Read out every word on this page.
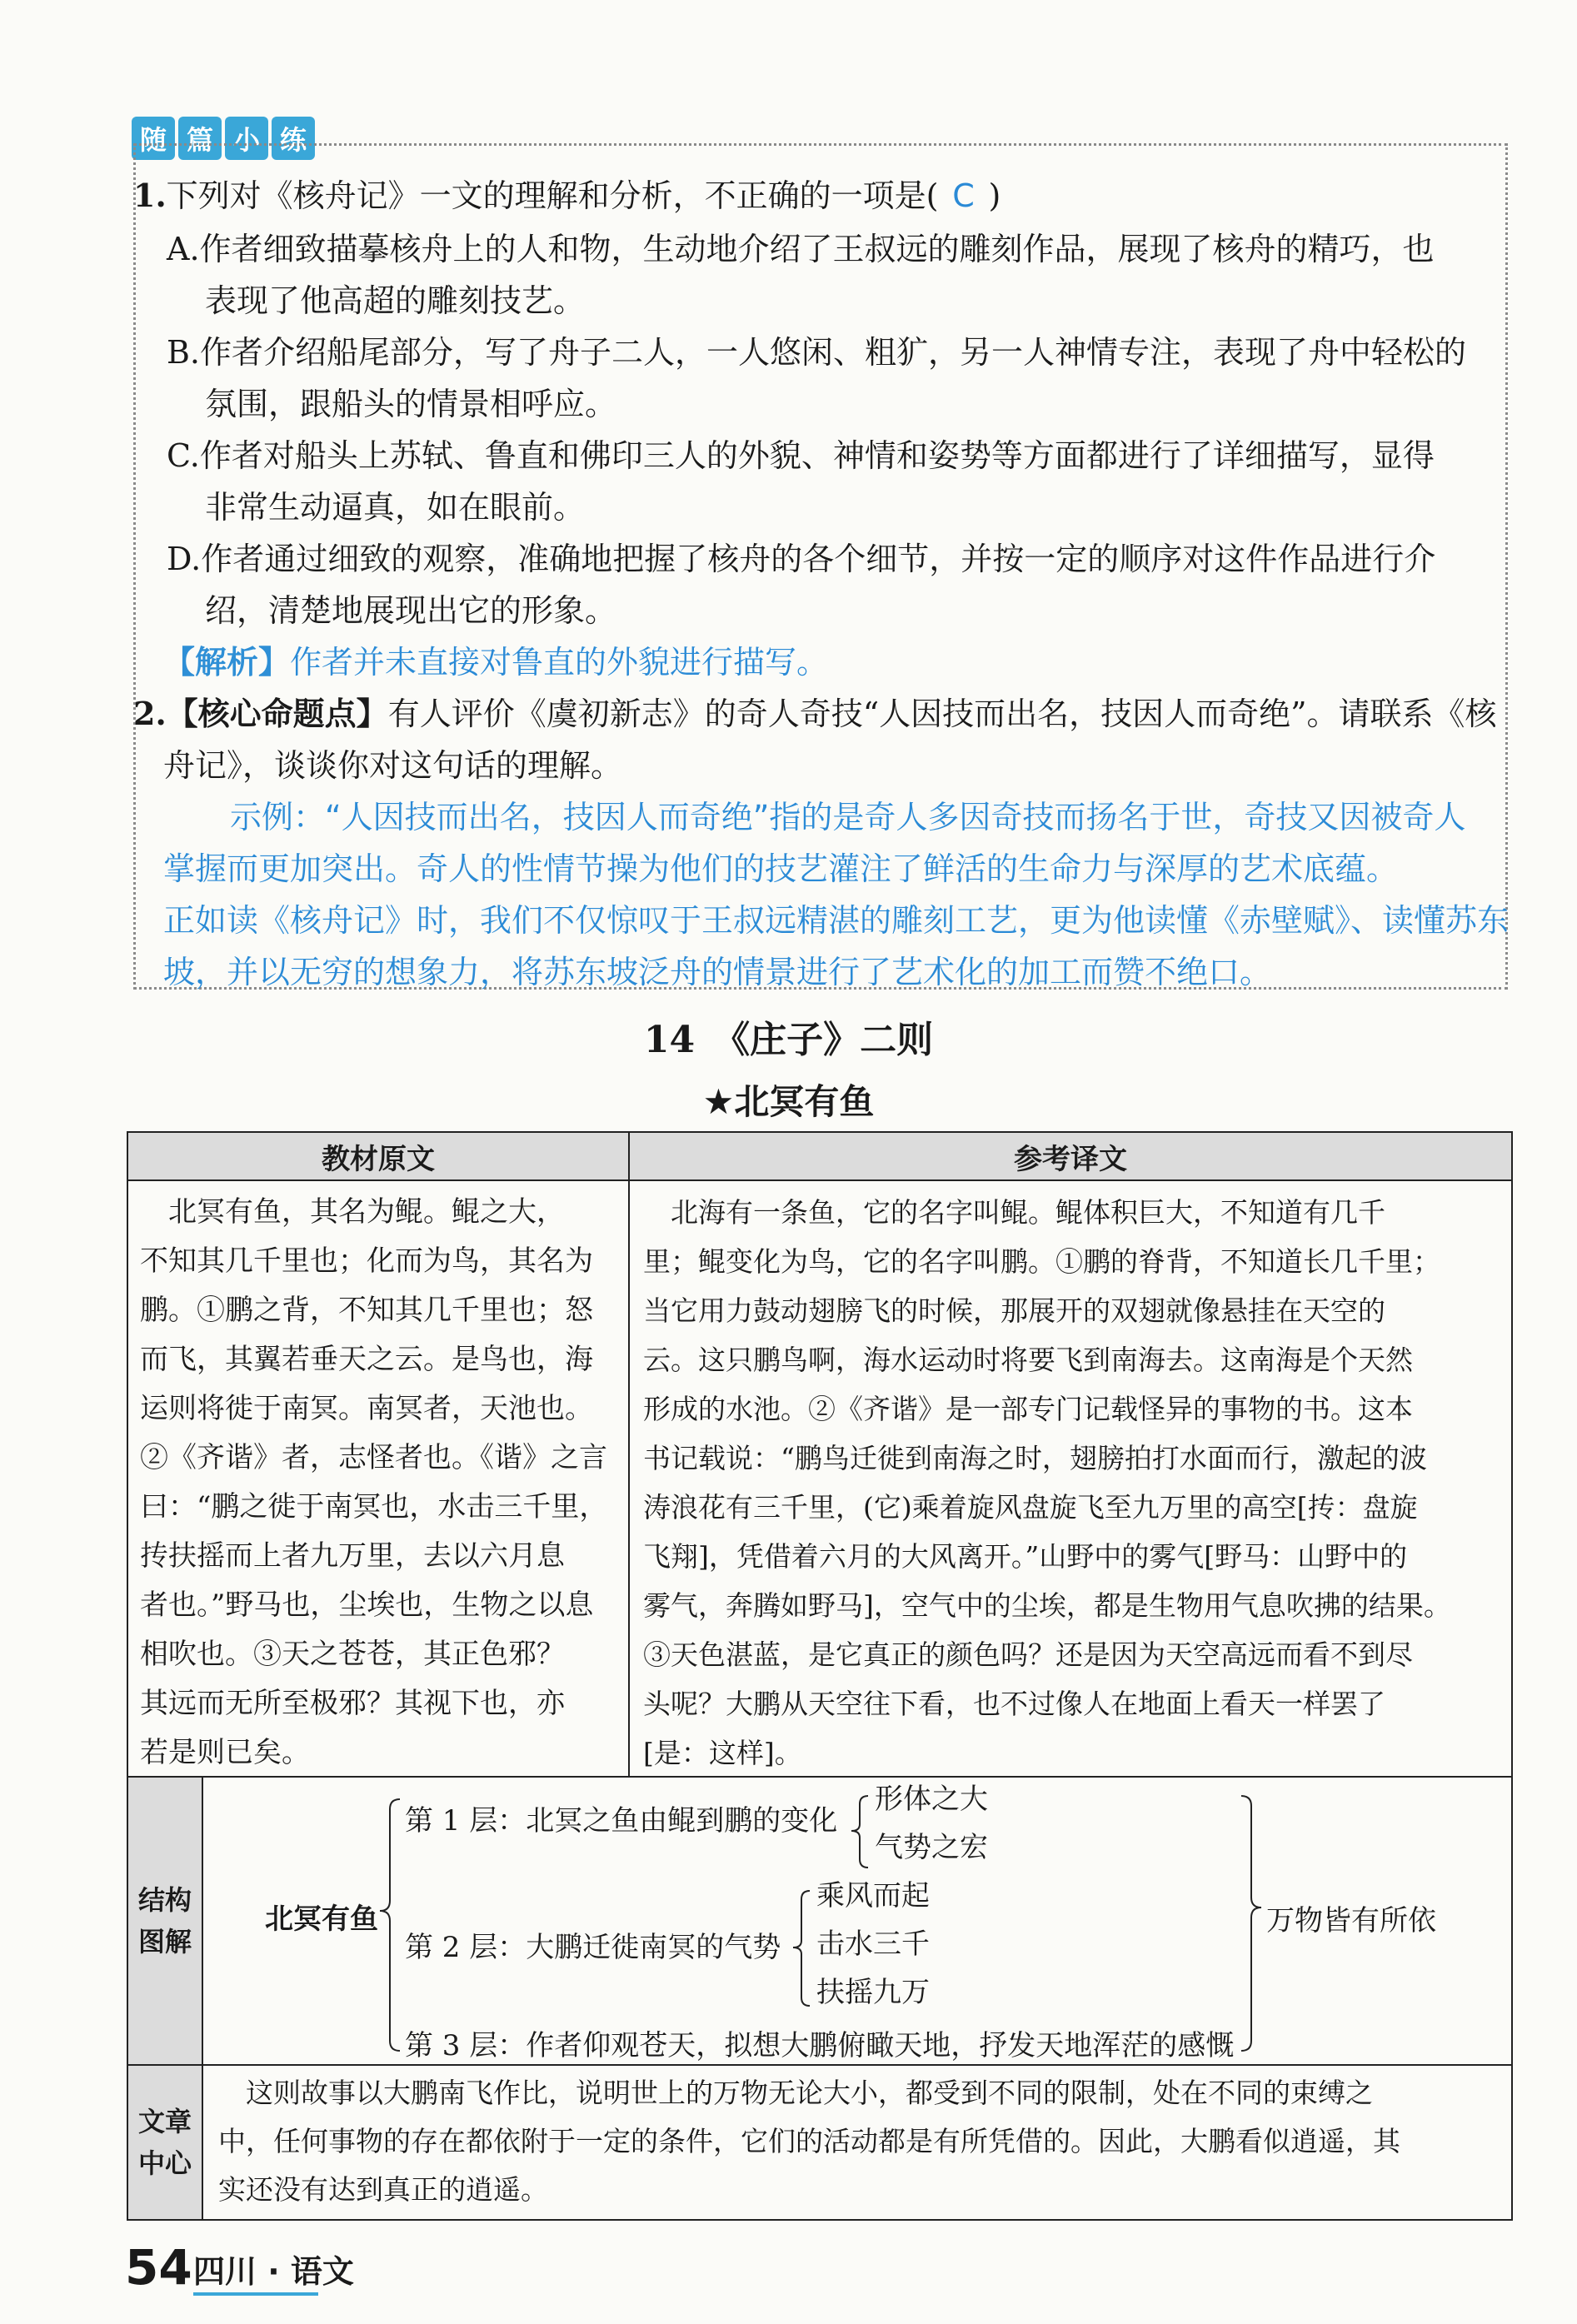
随 篇 小 练
1.下列对《核舟记》一文的理解和分析，不正确的一项是( C )
A.作者细致描摹核舟上的人和物，生动地介绍了王叔远的雕刻作品，展现了核舟的精巧，也
表现了他高超的雕刻技艺。
B.作者介绍船尾部分，写了舟子二人，一人悠闲、粗犷，另一人神情专注，表现了舟中轻松的
氛围，跟船头的情景相呼应。
C.作者对船头上苏轼、鲁直和佛印三人的外貌、神情和姿势等方面都进行了详细描写，显得
非常生动逼真，如在眼前。
D.作者通过细致的观察，准确地把握了核舟的各个细节，并按一定的顺序对这件作品进行介
绍，清楚地展现出它的形象。
【解析】作者并未直接对鲁直的外貌进行描写。
2.【核心命题点】有人评价《虞初新志》的奇人奇技“人因技而出名，技因人而奇绝”。请联系《核
舟记》，谈谈你对这句话的理解。
示例：“人因技而出名，技因人而奇绝”指的是奇人多因奇技而扬名于世，奇技又因被奇人
掌握而更加突出。奇人的性情节操为他们的技艺灌注了鲜活的生命力与深厚的艺术底蕴。
正如读《核舟记》时，我们不仅惊叹于王叔远精湛的雕刻工艺，更为他读懂《赤壁赋》、读懂苏东
坡，并以无穷的想象力，将苏东坡泛舟的情景进行了艺术化的加工而赞不绝口。
14　《庄子》二则
★北冥有鱼
教材原文	参考译文
　北冥有鱼，其名为鲲。鲲之大，
不知其几千里也；化而为鸟，其名为
鹏。①鹏之背，不知其几千里也；怒
而飞，其翼若垂天之云。是鸟也，海
运则将徙于南冥。南冥者，天池也。
②《齐谐》者，志怪者也。《谐》之言
曰：“鹏之徙于南冥也，水击三千里，
抟扶摇而上者九万里，去以六月息
者也。”野马也，尘埃也，生物之以息
相吹也。③天之苍苍，其正色邪？
其远而无所至极邪？其视下也，亦
若是则已矣。
　北海有一条鱼，它的名字叫鲲。鲲体积巨大，不知道有几千
里；鲲变化为鸟，它的名字叫鹏。①鹏的脊背，不知道长几千里；
当它用力鼓动翅膀飞的时候，那展开的双翅就像悬挂在天空的
云。这只鹏鸟啊，海水运动时将要飞到南海去。这南海是个天然
形成的水池。②《齐谐》是一部专门记载怪异的事物的书。这本
书记载说：“鹏鸟迁徙到南海之时，翅膀拍打水面而行，激起的波
涛浪花有三千里，(它)乘着旋风盘旋飞至九万里的高空[抟：盘旋
飞翔]，凭借着六月的大风离开。”山野中的雾气[野马：山野中的
雾气，奔腾如野马]，空气中的尘埃，都是生物用气息吹拂的结果。
③天色湛蓝，是它真正的颜色吗？还是因为天空高远而看不到尽
头呢？大鹏从天空往下看，也不过像人在地面上看天一样罢了
[是：这样]。
结构图解
北冥有鱼
第 1 层：北冥之鱼由鲲到鹏的变化
形体之大
气势之宏
第 2 层：大鹏迁徙南冥的气势
乘风而起
击水三千
扶摇九万
第 3 层：作者仰观苍天，拟想大鹏俯瞰天地，抒发天地浑茫的感慨
万物皆有所依
文章中心
　这则故事以大鹏南飞作比，说明世上的万物无论大小，都受到不同的限制，处在不同的束缚之
中，任何事物的存在都依附于一定的条件，它们的活动都是有所凭借的。因此，大鹏看似逍遥，其
实还没有达到真正的逍遥。
54 四川 · 语文
